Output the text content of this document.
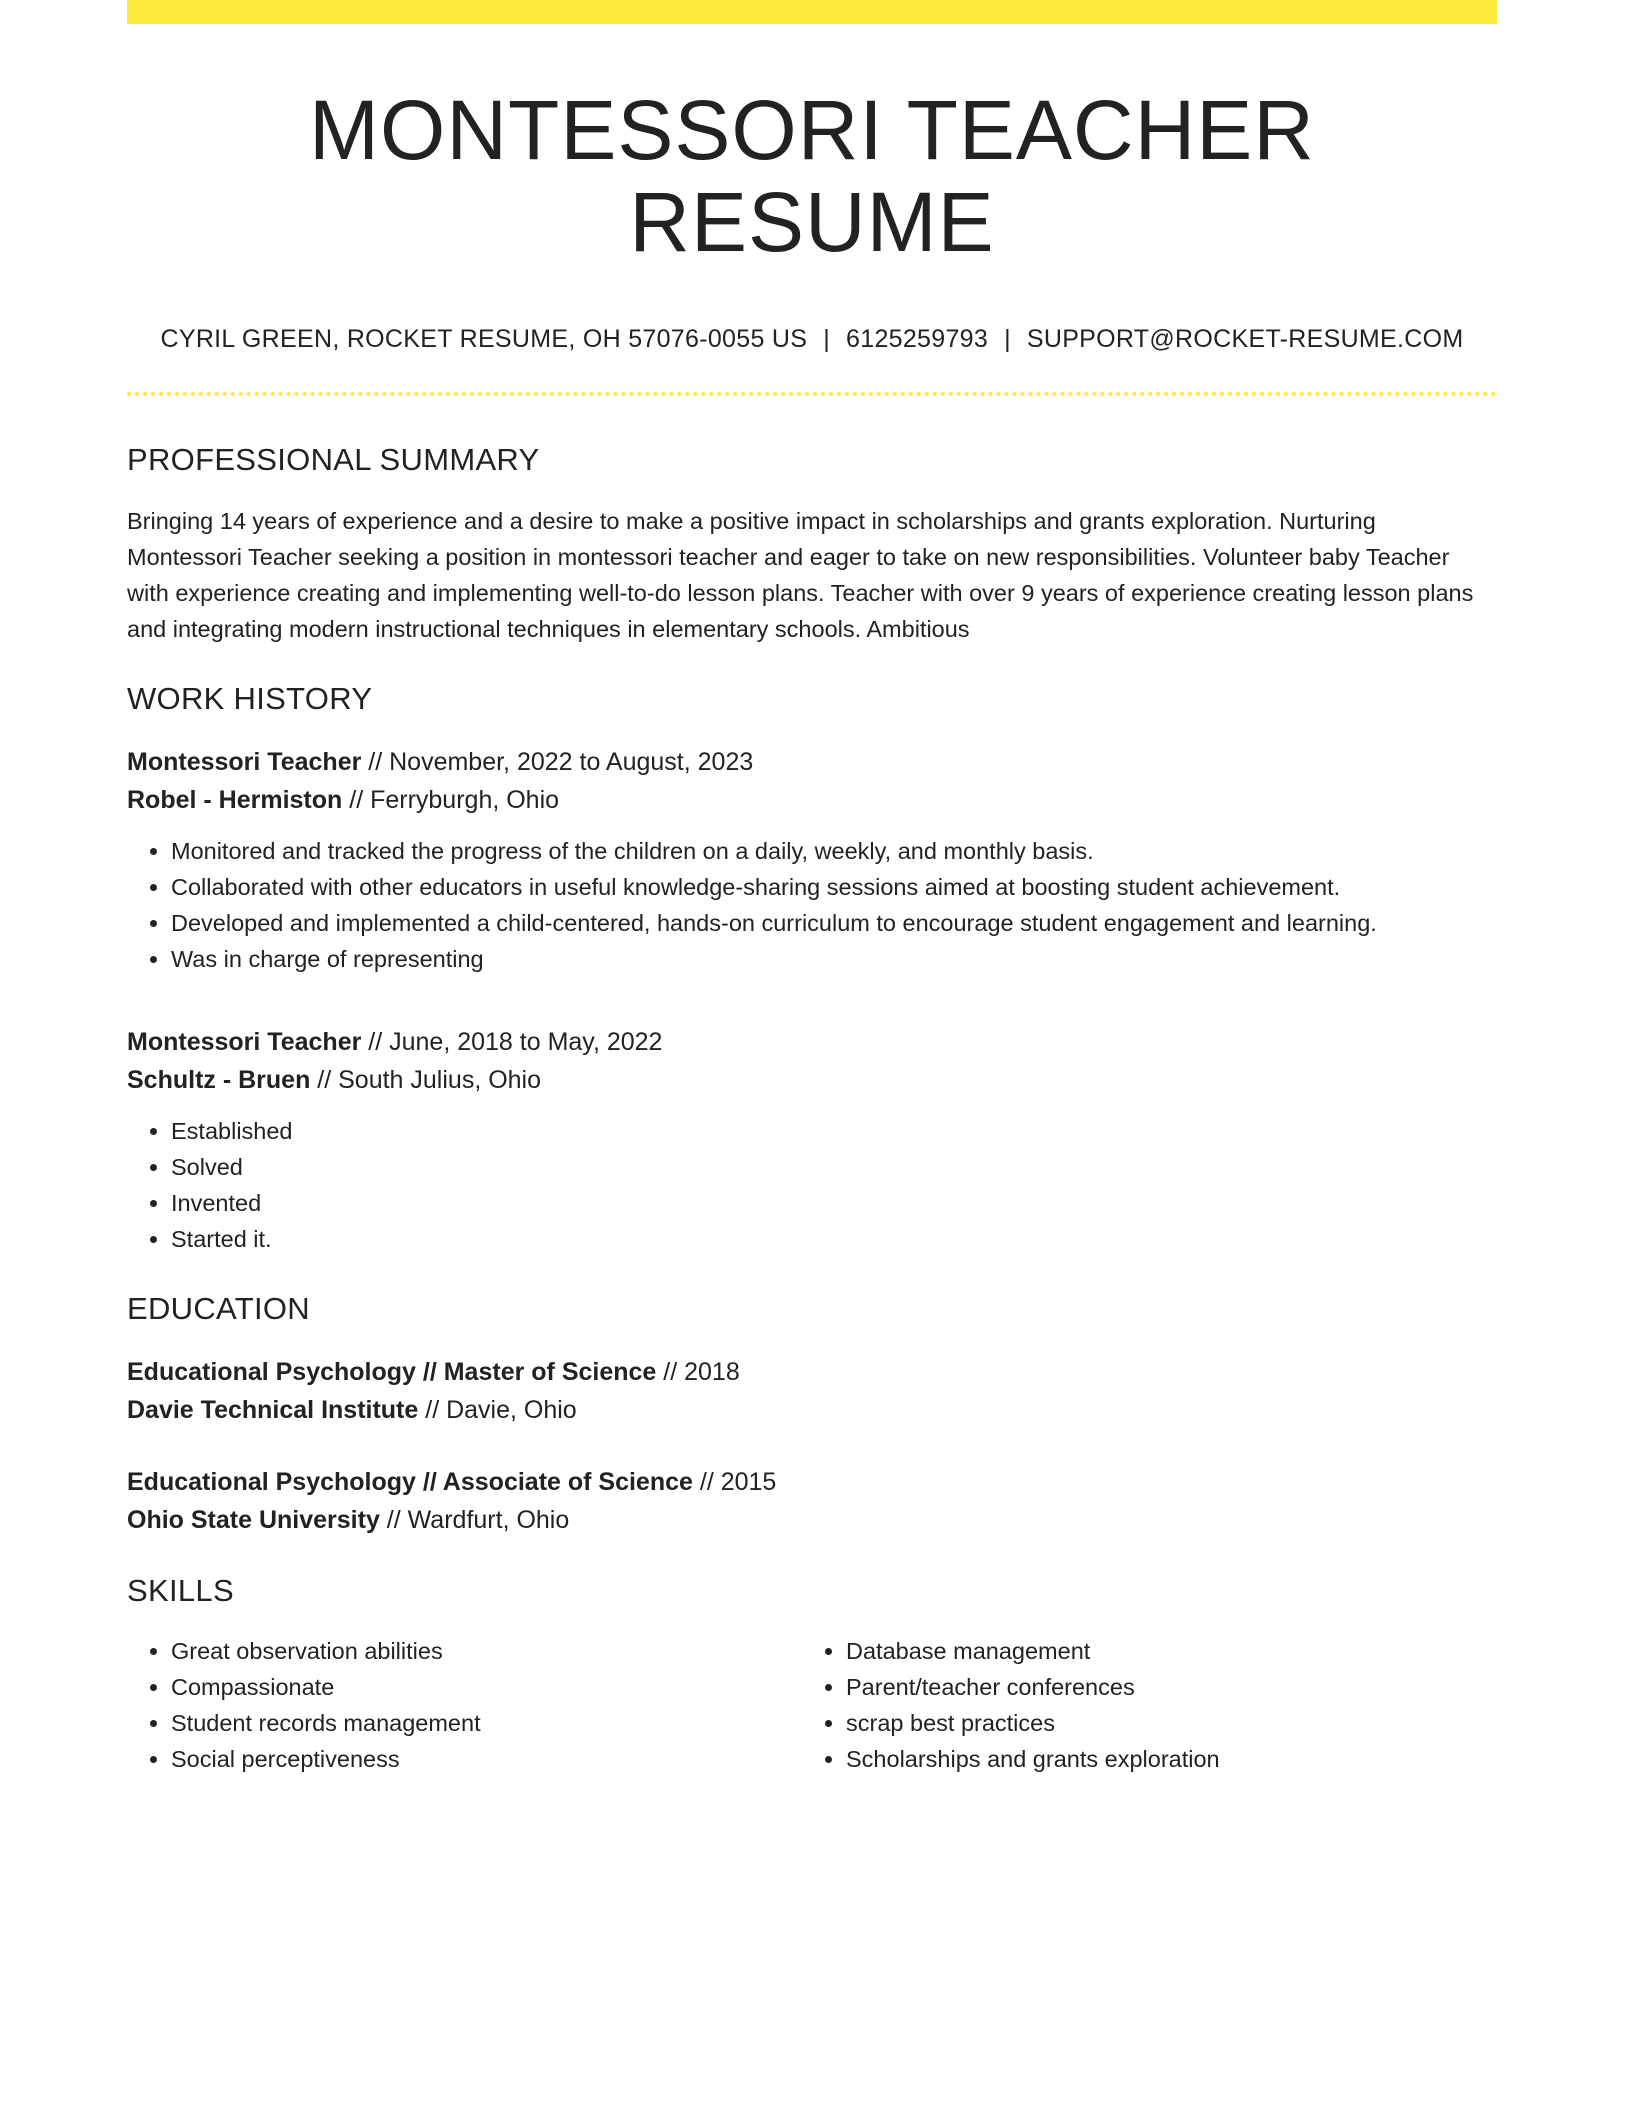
MONTESSORI TEACHER RESUME
CYRIL GREEN, ROCKET RESUME, OH 57076-0055 US | 6125259793 | SUPPORT@ROCKET-RESUME.COM
PROFESSIONAL SUMMARY
Bringing 14 years of experience and a desire to make a positive impact in scholarships and grants exploration. Nurturing Montessori Teacher seeking a position in montessori teacher and eager to take on new responsibilities. Volunteer baby Teacher with experience creating and implementing well-to-do lesson plans. Teacher with over 9 years of experience creating lesson plans and integrating modern instructional techniques in elementary schools. Ambitious
WORK HISTORY
Montessori Teacher // November, 2022 to August, 2023
Robel - Hermiston // Ferryburgh, Ohio
• Monitored and tracked the progress of the children on a daily, weekly, and monthly basis.
• Collaborated with other educators in useful knowledge-sharing sessions aimed at boosting student achievement.
• Developed and implemented a child-centered, hands-on curriculum to encourage student engagement and learning.
• Was in charge of representing
Montessori Teacher // June, 2018 to May, 2022
Schultz - Bruen // South Julius, Ohio
• Established
• Solved
• Invented
• Started it.
EDUCATION
Educational Psychology // Master of Science // 2018
Davie Technical Institute // Davie, Ohio
Educational Psychology // Associate of Science // 2015
Ohio State University // Wardfurt, Ohio
SKILLS
• Great observation abilities
• Compassionate
• Student records management
• Social perceptiveness
• Database management
• Parent/teacher conferences
• scrap best practices
• Scholarships and grants exploration
